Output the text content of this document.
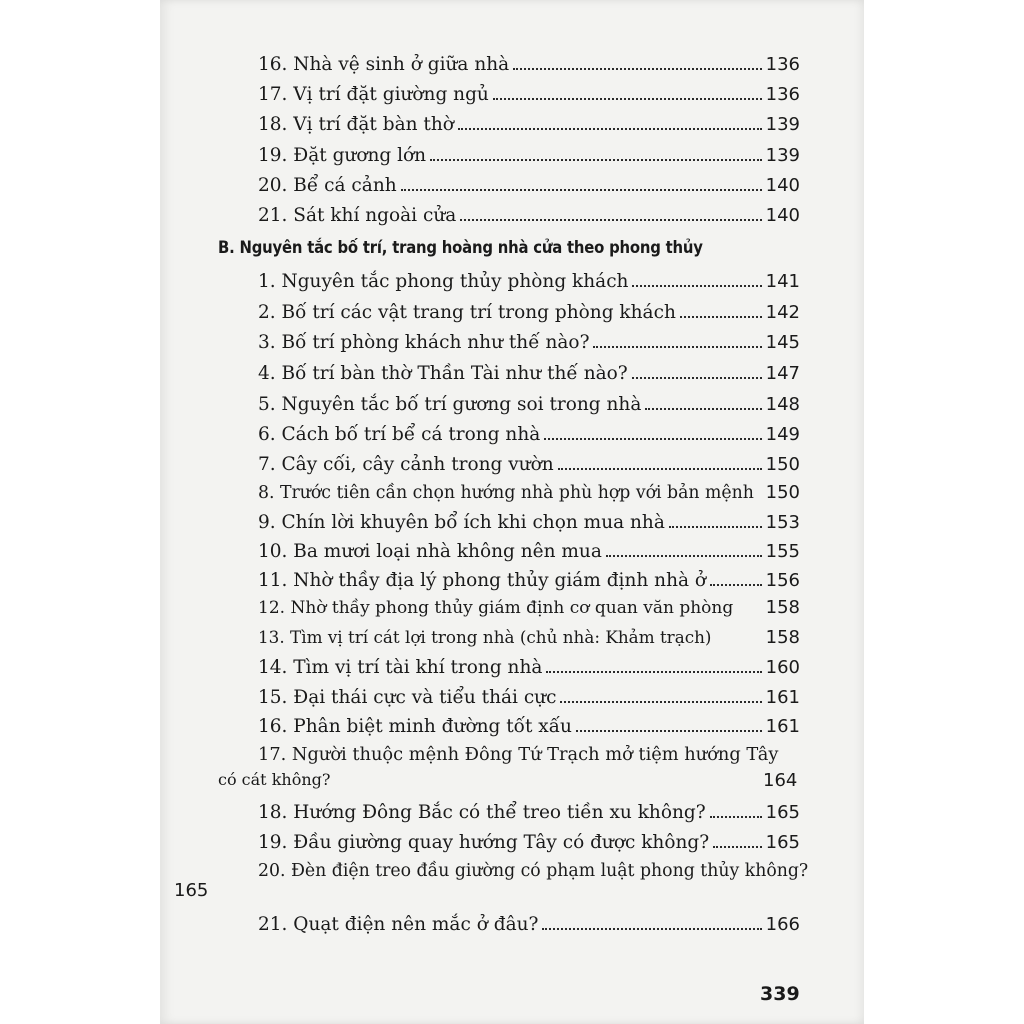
16. Nhà vệ sinh ở giữa nhà	136
17. Vị trí đặt giường ngủ	136
18. Vị trí đặt bàn thờ	139
19. Đặt gương lớn	139
20. Bể cá cảnh	140
21. Sát khí ngoài cửa	140
B. Nguyên tắc bố trí, trang hoàng nhà cửa theo phong thủy
1. Nguyên tắc phong thủy phòng khách	141
2. Bố trí các vật trang trí trong phòng khách	142
3. Bố trí phòng khách như thế nào?	145
4. Bố trí bàn thờ Thần Tài như thế nào?	147
5. Nguyên tắc bố trí gương soi trong nhà	148
6. Cách bố trí bể cá trong nhà	149
7. Cây cối, cây cảnh trong vườn	150
8. Trước tiên cần chọn hướng nhà phù hợp với bản mệnh 150
9. Chín lời khuyên bổ ích khi chọn mua nhà	153
10. Ba mươi loại nhà không nên mua	155
11. Nhờ thầy địa lý phong thủy giám định nhà ở	156
12. Nhờ thầy phong thủy giám định cơ quan văn phòng	158
13. Tìm vị trí cát lợi trong nhà (chủ nhà: Khảm trạch)	158
14. Tìm vị trí tài khí trong nhà	160
15. Đại thái cực và tiểu thái cực	161
16. Phân biệt minh đường tốt xấu	161
17. Người thuộc mệnh Đông Tứ Trạch mở tiệm hướng Tây
có cát không?	164
18. Hướng Đông Bắc có thể treo tiền xu không?	165
19. Đầu giường quay hướng Tây có được không?	165
20. Đèn điện treo đầu giường có phạm luật phong thủy không?
165
21. Quạt điện nên mắc ở đâu?	166
339
